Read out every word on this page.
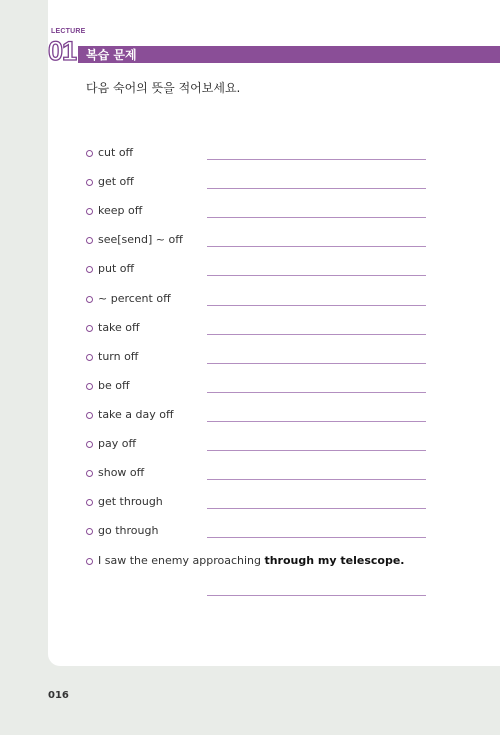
LECTURE
01 복습 문제
다음 숙어의 뜻을 적어보세요.
cut off
get off
keep off
see[send] ~ off
put off
~ percent off
take off
turn off
be off
take a day off
pay off
show off
get through
go through
I saw the enemy approaching through my telescope.
016
